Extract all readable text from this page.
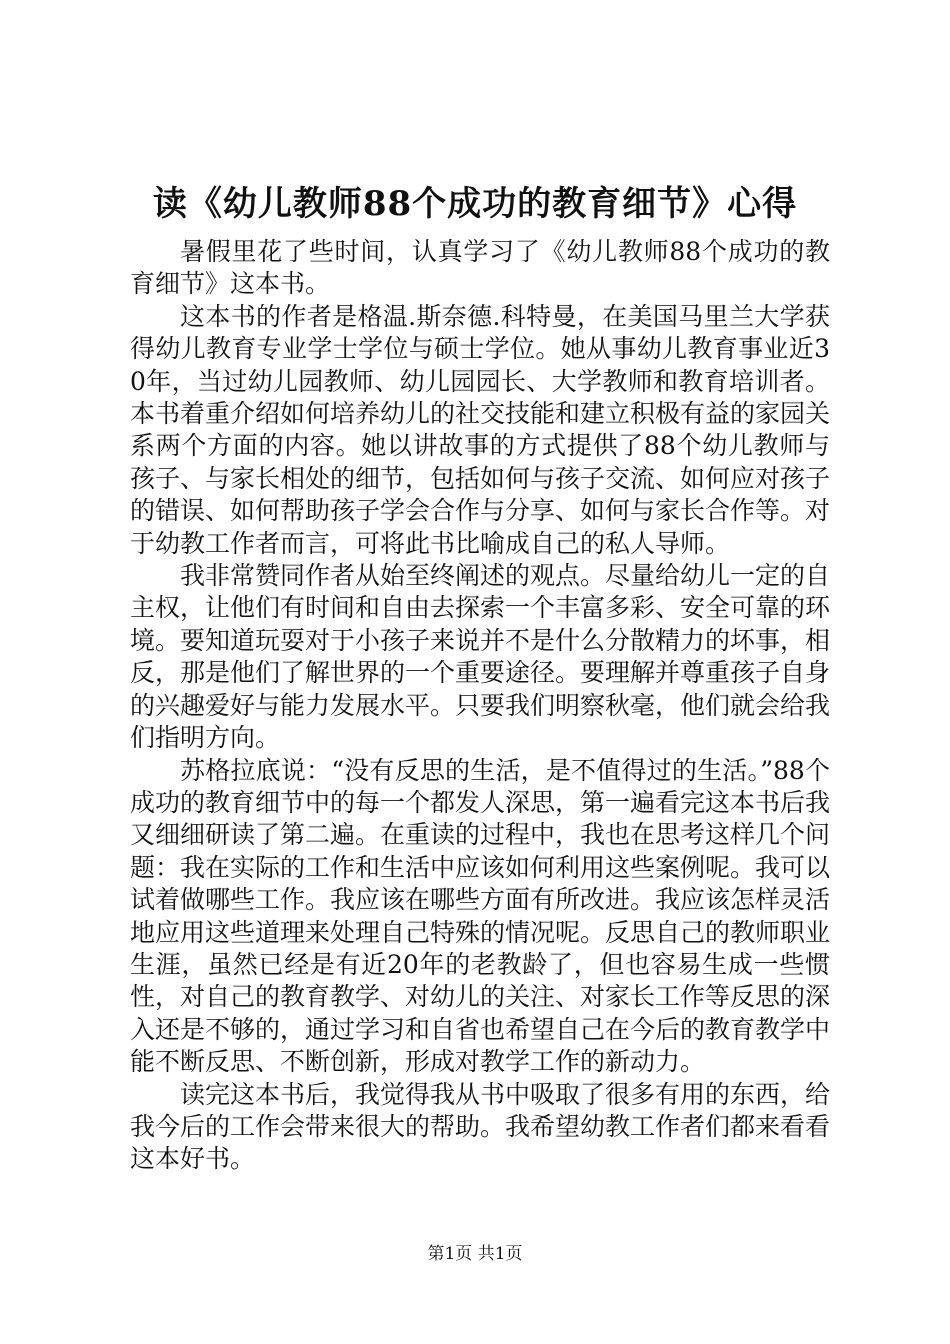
读《幼儿教师88个成功的教育细节》心得

暑假里花了些时间，认真学习了《幼儿教师88个成功的教育细节》这本书。

这本书的作者是格温.斯奈德.科特曼，在美国马里兰大学获得幼儿教育专业学士学位与硕士学位。她从事幼儿教育事业近30年，当过幼儿园教师、幼儿园园长、大学教师和教育培训者。本书着重介绍如何培养幼儿的社交技能和建立积极有益的家园关系两个方面的内容。她以讲故事的方式提供了88个幼儿教师与孩子、与家长相处的细节，包括如何与孩子交流、如何应对孩子的错误、如何帮助孩子学会合作与分享、如何与家长合作等。对于幼教工作者而言，可将此书比喻成自己的私人导师。

我非常赞同作者从始至终阐述的观点。尽量给幼儿一定的自主权，让他们有时间和自由去探索一个丰富多彩、安全可靠的环境。要知道玩耍对于小孩子来说并不是什么分散精力的坏事，相反，那是他们了解世界的一个重要途径。要理解并尊重孩子自身的兴趣爱好与能力发展水平。只要我们明察秋毫，他们就会给我们指明方向。

苏格拉底说：“没有反思的生活，是不值得过的生活。”88个成功的教育细节中的每一个都发人深思，第一遍看完这本书后我又细细研读了第二遍。在重读的过程中，我也在思考这样几个问题：我在实际的工作和生活中应该如何利用这些案例呢。我可以试着做哪些工作。我应该在哪些方面有所改进。我应该怎样灵活地应用这些道理来处理自己特殊的情况呢。反思自己的教师职业生涯，虽然已经是有近20年的老教龄了，但也容易生成一些惯性，对自己的教育教学、对幼儿的关注、对家长工作等反思的深入还是不够的，通过学习和自省也希望自己在今后的教育教学中能不断反思、不断创新，形成对教学工作的新动力。

读完这本书后，我觉得我从书中吸取了很多有用的东西，给我今后的工作会带来很大的帮助。我希望幼教工作者们都来看看这本好书。

第1页 共1页
